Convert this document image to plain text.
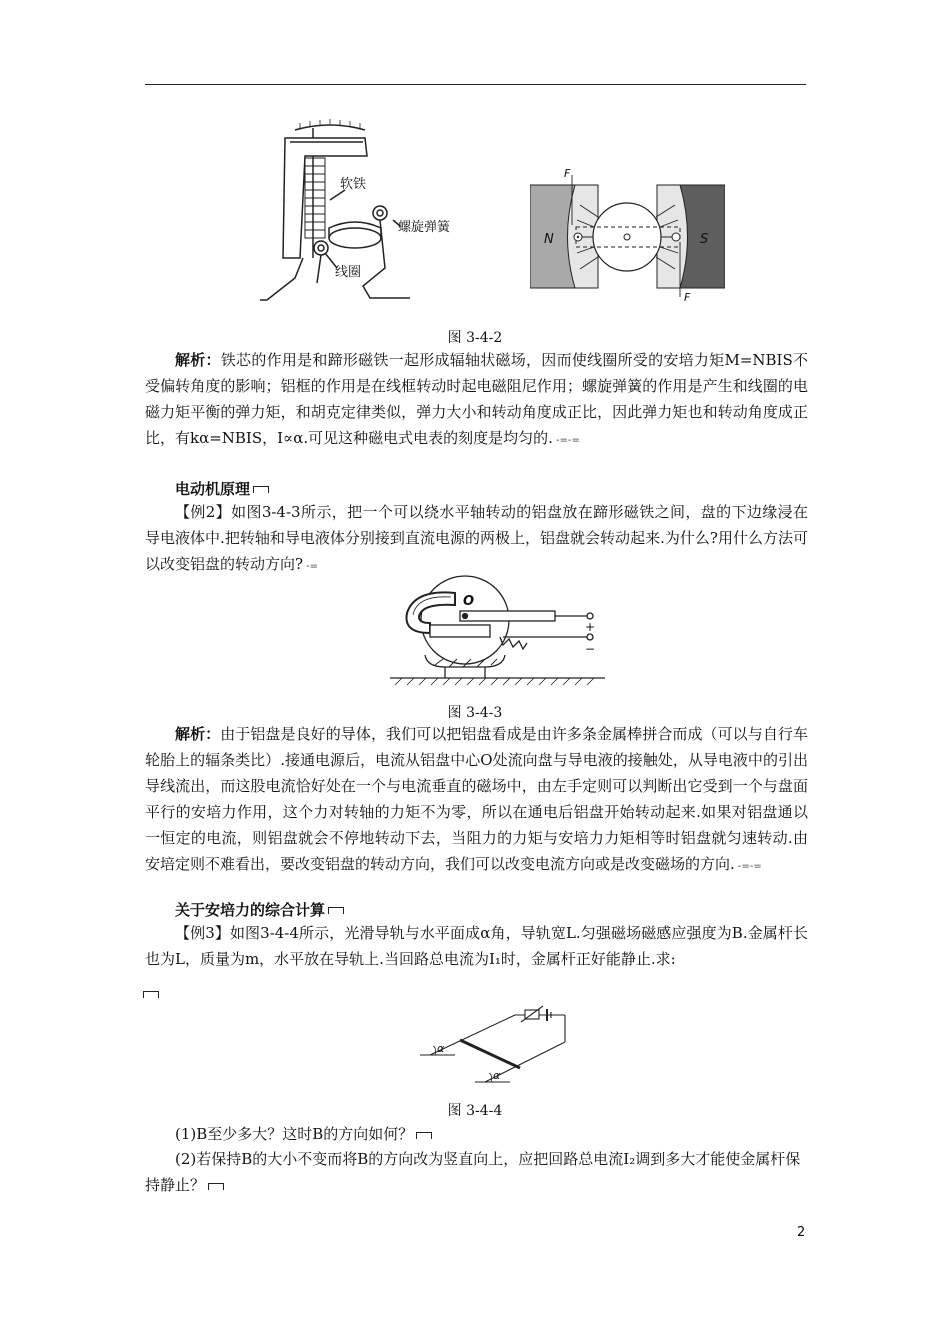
软铁
螺旋弹簧
线圈
F
F
N	S
图 3-4-2
解析：铁芯的作用是和蹄形磁铁一起形成辐轴状磁场，因而使线圈所受的安培力矩M=NBIS不受偏转角度的影响；铝框的作用是在线框转动时起电磁阻尼作用；螺旋弹簧的作用是产生和线圈的电磁力矩平衡的弹力矩，和胡克定律类似，弹力大小和转动角度成正比，因此弹力矩也和转动角度成正比，有kα=NBIS，I∝α.可见这种磁电式电表的刻度是均匀的. -=-=
电动机原理
【例2】如图3-4-3所示，把一个可以绕水平轴转动的铝盘放在蹄形磁铁之间，盘的下边缘浸在导电液体中.把转轴和导电液体分别接到直流电源的两极上，铝盘就会转动起来.为什么?用什么方法可以改变铝盘的转动方向? -=
O
+
−
图 3-4-3
解析：由于铝盘是良好的导体，我们可以把铝盘看成是由许多条金属棒拼合而成（可以与自行车轮胎上的辐条类比）.接通电源后，电流从铝盘中心O处流向盘与导电液的接触处，从导电液中的引出导线流出，而这股电流恰好处在一个与电流垂直的磁场中，由左手定则可以判断出它受到一个与盘面平行的安培力作用，这个力对转轴的力矩不为零，所以在通电后铝盘开始转动起来.如果对铝盘通以一恒定的电流，则铝盘就会不停地转动下去，当阻力的力矩与安培力力矩相等时铝盘就匀速转动.由安培定则不难看出，要改变铝盘的转动方向，我们可以改变电流方向或是改变磁场的方向. -=-=
关于安培力的综合计算
【例3】如图3-4-4所示，光滑导轨与水平面成α角，导轨宽L.匀强磁场磁感应强度为B.金属杆长也为L，质量为m，水平放在导轨上.当回路总电流为I₁时，金属杆正好能静止.求:
α
α
图 3-4-4
(1)B至少多大？这时B的方向如何？
(2)若保持B的大小不变而将B的方向改为竖直向上，应把回路总电流I₂调到多大才能使金属杆保持静止？
2
